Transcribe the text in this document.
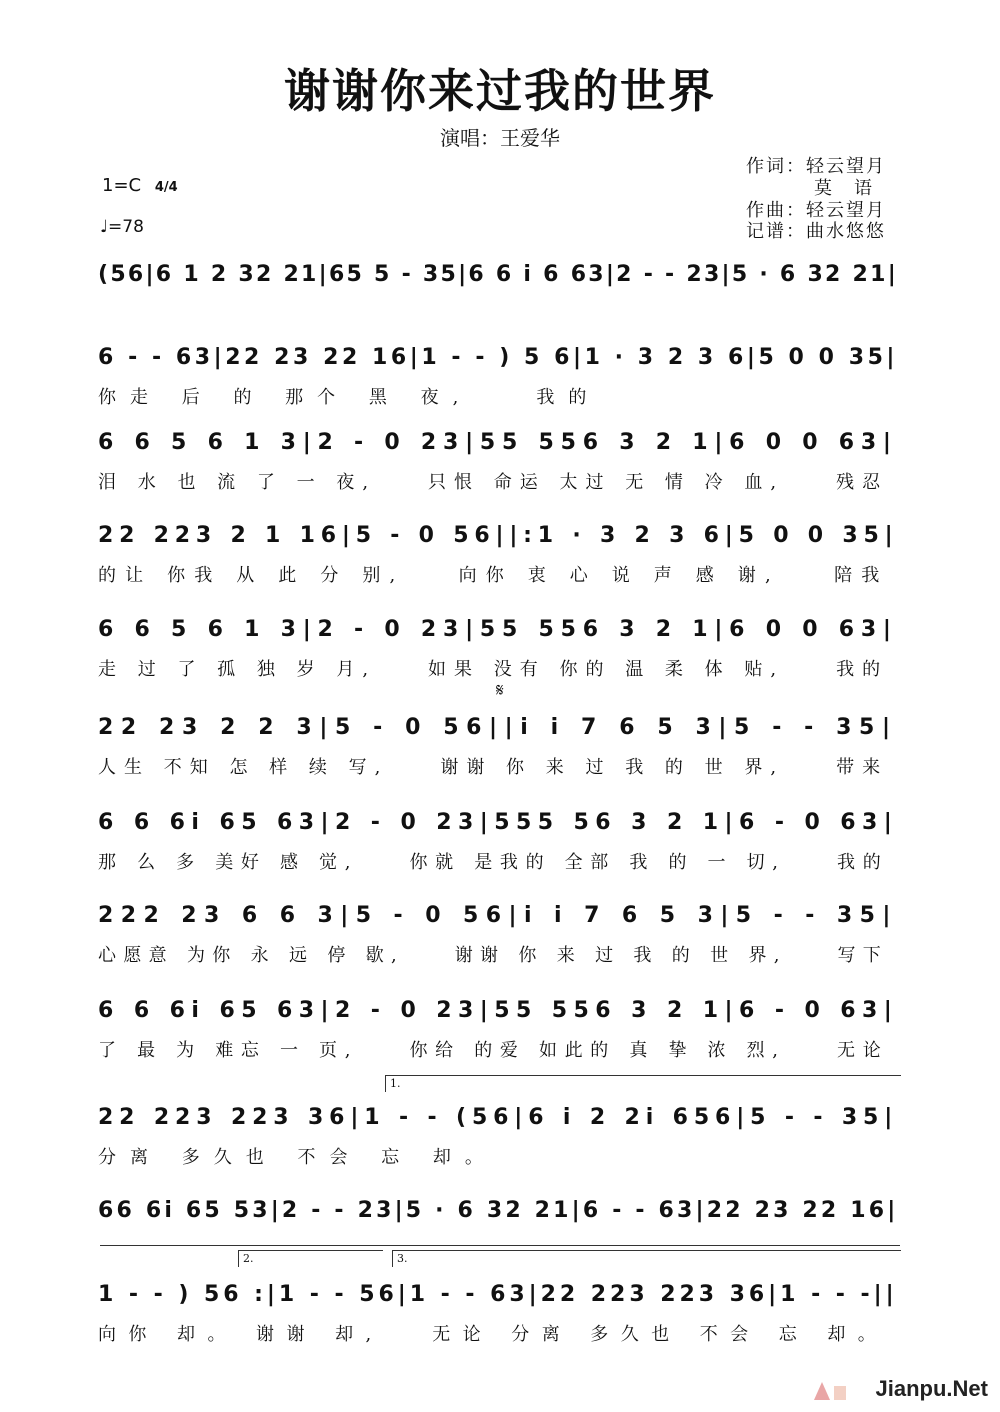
谢谢你来过我的世界
演唱：王爱华
作词：轻云望月
莫　语
作曲：轻云望月
记谱：曲水悠悠
1=C 4/4
♩=78
(56|6 1 2 32 21|65 5 - 35|6 6 i 6 63|2 - - 23|5 · 6 32 21|
6 - - 63|22 23 22 16|1 - - ) 5 6|1 · 3 2 3 6|5 0 0 35|
你走 后 的 那个 黑 夜,　　我的
6 6 5 6 1 3|2 - 0 23|55 556 3 2 1|6 0 0 63|
泪 水 也 流 了 一 夜,　　只恨 命运 太过 无 情 冷 血,　　残忍
22 223 2 1 16|5 - 0 56||:1 · 3 2 3 6|5 0 0 35|
的让 你我 从 此 分 别,　　向你 衷 心 说 声 感 谢,　　陪我
6 6 5 6 1 3|2 - 0 23|55 556 3 2 1|6 0 0 63|
走 过 了 孤 独 岁 月,　　如果 没有 你的 温 柔 体 贴,　　我的
22 23 2 2 3|5 - 0 56||i i 7 6 5 3|5 - - 35|
人生 不知 怎 样 续 写,　　谢谢 你 来 过 我 的 世 界,　　带来
6 6 6i 65 63|2 - 0 23|555 56 3 2 1|6 - 0 63|
那 么 多 美好 感 觉,　　你就 是我的 全部 我 的 一 切,　　我的
222 23 6 6 3|5 - 0 56|i i 7 6 5 3|5 - - 35|
心愿意 为你 永 远 停 歇,　　谢谢 你 来 过 我 的 世 界,　　写下
6 6 6i 65 63|2 - 0 23|55 556 3 2 1|6 - 0 63|
了 最 为 难忘 一 页,　　你给 的爱 如此的 真 挚 浓 烈,　　无论
22 223 223 36|1 - - (56|6 i 2 2i 656|5 - - 35|
分离 多久也 不会 忘 却。
66 6i 65 53|2 - - 23|5 · 6 32 21|6 - - 63|22 23 22 16|
1 - - ) 56 :|1 - - 56|1 - - 63|22 223 223 36|1 - - -||
向你 却。 谢谢 却,　 无论 分离 多久也 不会 忘 却。
𝄋
1.
2.	3.
Jianpu.Net
